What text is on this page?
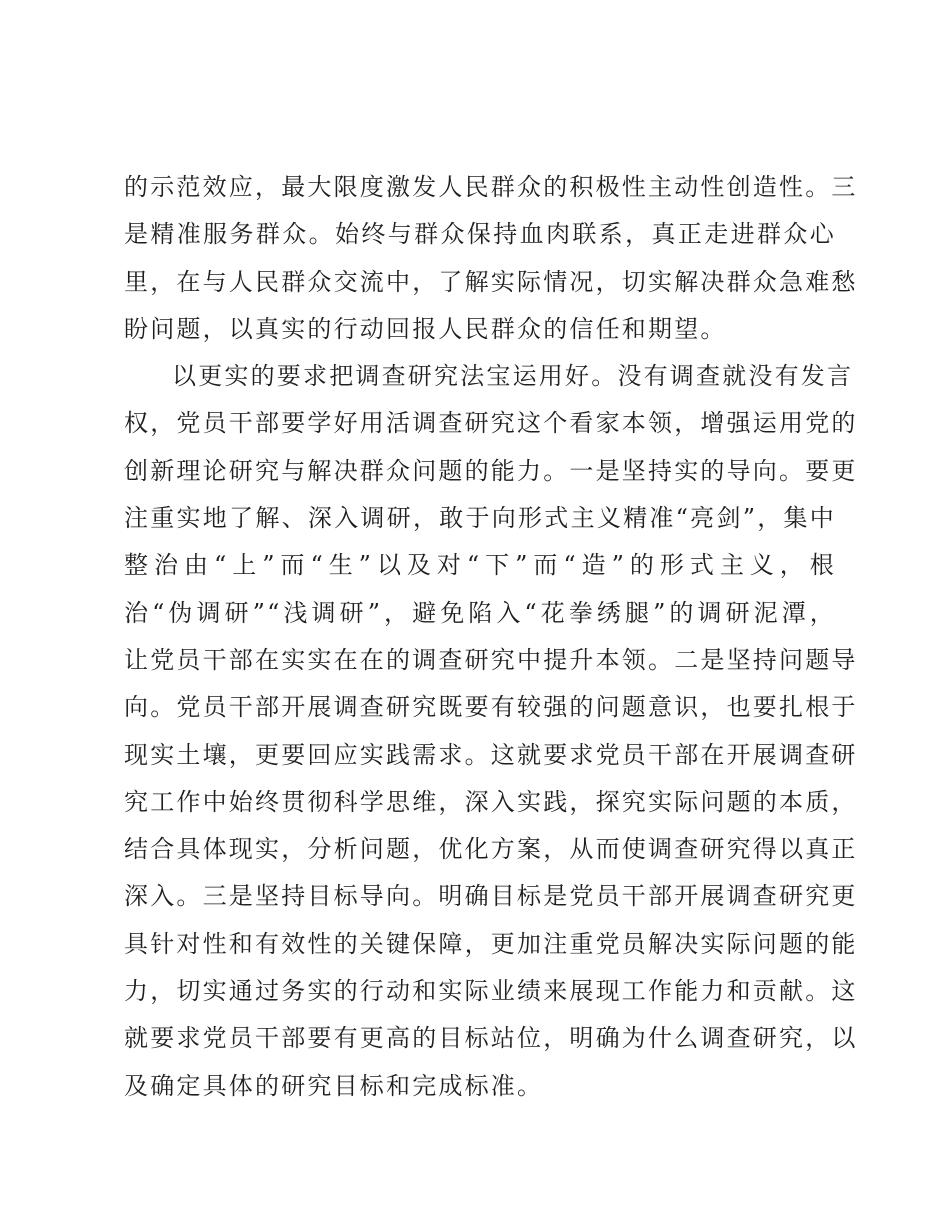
的示范效应，最大限度激发人民群众的积极性主动性创造性。三
是精准服务群众。始终与群众保持血肉联系，真正走进群众心
里，在与人民群众交流中，了解实际情况，切实解决群众急难愁
盼问题，以真实的行动回报人民群众的信任和期望。
以更实的要求把调查研究法宝运用好。没有调查就没有发言
权，党员干部要学好用活调查研究这个看家本领，增强运用党的
创新理论研究与解决群众问题的能力。一是坚持实的导向。要更
注重实地了解、深入调研，敢于向形式主义精准“亮剑”，集中
整治由“上”而“生”以及对“下”而“造”的形式主义，根
治“伪调研”“浅调研”，避免陷入“花拳绣腿”的调研泥潭，
让党员干部在实实在在的调查研究中提升本领。二是坚持问题导
向。党员干部开展调查研究既要有较强的问题意识，也要扎根于
现实土壤，更要回应实践需求。这就要求党员干部在开展调查研
究工作中始终贯彻科学思维，深入实践，探究实际问题的本质，
结合具体现实，分析问题，优化方案，从而使调查研究得以真正
深入。三是坚持目标导向。明确目标是党员干部开展调查研究更
具针对性和有效性的关键保障，更加注重党员解决实际问题的能
力，切实通过务实的行动和实际业绩来展现工作能力和贡献。这
就要求党员干部要有更高的目标站位，明确为什么调查研究，以
及确定具体的研究目标和完成标准。
